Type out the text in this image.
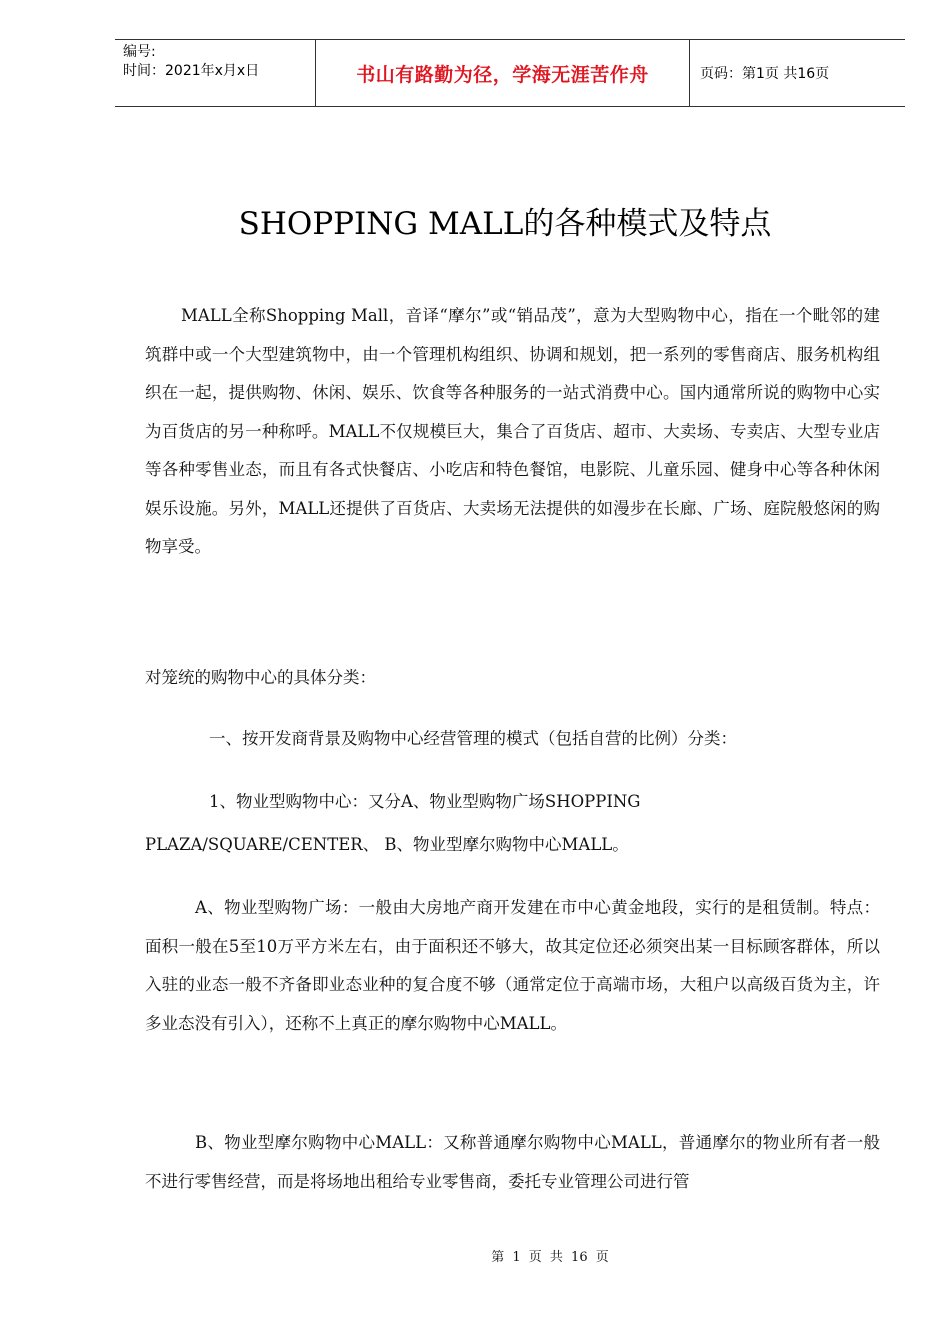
编号:
时间：2021年x月x日	书山有路勤为径，学海无涯苦作舟	页码：第1页 共16页
SHOPPING MALL的各种模式及特点

MALL全称Shopping Mall，音译“摩尔”或“销品茂”，意为大型购物中心，指在一个毗邻的建筑群中或一个大型建筑物中，由一个管理机构组织、协调和规划，把一系列的零售商店、服务机构组织在一起，提供购物、休闲、娱乐、饮食等各种服务的一站式消费中心。国内通常所说的购物中心实为百货店的另一种称呼。MALL不仅规模巨大，集合了百货店、超市、大卖场、专卖店、大型专业店等各种零售业态，而且有各式快餐店、小吃店和特色餐馆，电影院、儿童乐园、健身中心等各种休闲娱乐设施。另外，MALL还提供了百货店、大卖场无法提供的如漫步在长廊、广场、庭院般悠闲的购物享受。

对笼统的购物中心的具体分类：

一、按开发商背景及购物中心经营管理的模式（包括自营的比例）分类：

1、物业型购物中心：又分A、物业型购物广场SHOPPING

PLAZA/SQUARE/CENTER、 B、物业型摩尔购物中心MALL。

A、物业型购物广场：一般由大房地产商开发建在市中心黄金地段，实行的是租赁制。特点：面积一般在5至10万平方米左右，由于面积还不够大，故其定位还必须突出某一目标顾客群体，所以入驻的业态一般不齐备即业态业种的复合度不够（通常定位于高端市场，大租户以高级百货为主，许多业态没有引入），还称不上真正的摩尔购物中心MALL。

B、物业型摩尔购物中心MALL：又称普通摩尔购物中心MALL，普通摩尔的物业所有者一般不进行零售经营，而是将场地出租给专业零售商，委托专业管理公司进行管

第 1 页 共 16 页
